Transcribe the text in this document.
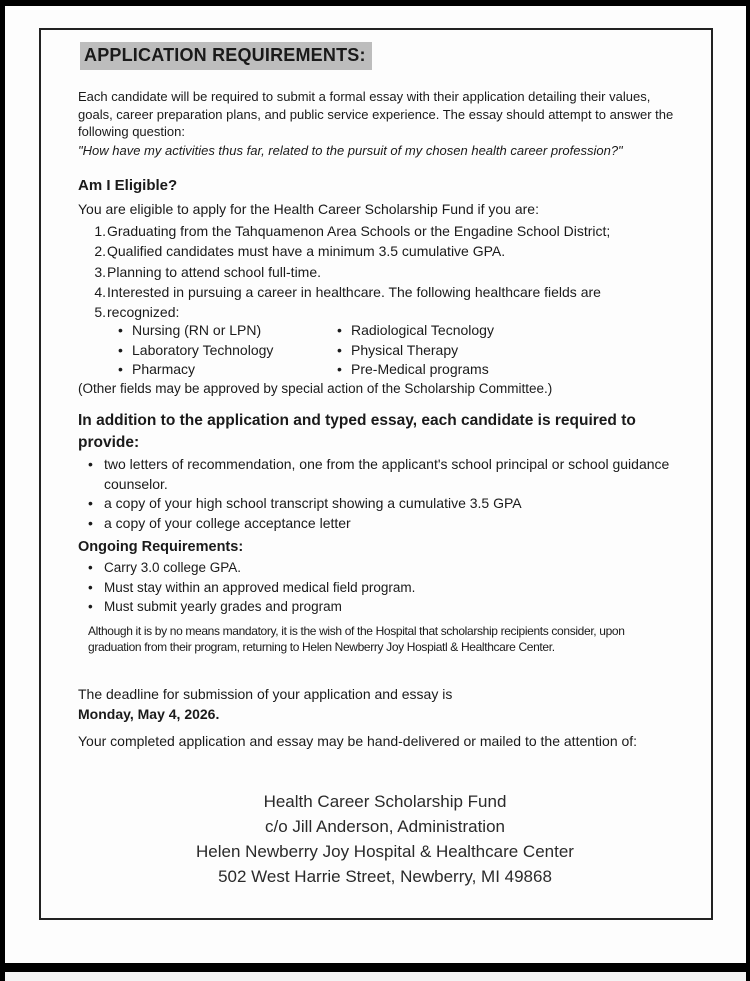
APPLICATION REQUIREMENTS:
Each candidate will be required to submit a formal essay with their application detailing their values, goals, career preparation plans, and public service experience. The essay should attempt to answer the following question:
"How have my activities thus far, related to the pursuit of my chosen health career profession?"
Am I Eligible?
You are eligible to apply for the Health Career Scholarship Fund if you are:
1.Graduating from the Tahquamenon Area Schools or the Engadine School District;
2.Qualified candidates must have a minimum 3.5 cumulative GPA.
3.Planning to attend school full-time.
4.Interested in pursuing a career in healthcare. The following healthcare fields are
5.recognized:
• Nursing (RN or LPN)
• Laboratory Technology
• Pharmacy
• Radiological Tecnology
• Physical Therapy
• Pre-Medical programs
(Other fields may be approved by special action of the Scholarship Committee.)
In addition to the application and typed essay, each candidate is required to provide:
• two letters of recommendation, one from the applicant's school principal or school guidance counselor.
• a copy of your high school transcript showing a cumulative 3.5 GPA
• a copy of your college acceptance letter
Ongoing Requirements:
• Carry 3.0 college GPA.
• Must stay within an approved medical field program.
• Must submit yearly grades and program
Although it is by no means mandatory, it is the wish of the Hospital that scholarship recipients consider, upon graduation from their program, returning to Helen Newberry Joy Hospiatl & Healthcare Center.
The deadline for submission of your application and essay is
Monday, May 4, 2026.
Your completed application and essay may be hand-delivered or mailed to the attention of:
Health Career Scholarship Fund
c/o Jill Anderson, Administration
Helen Newberry Joy Hospital & Healthcare Center
502 West Harrie Street, Newberry, MI 49868
